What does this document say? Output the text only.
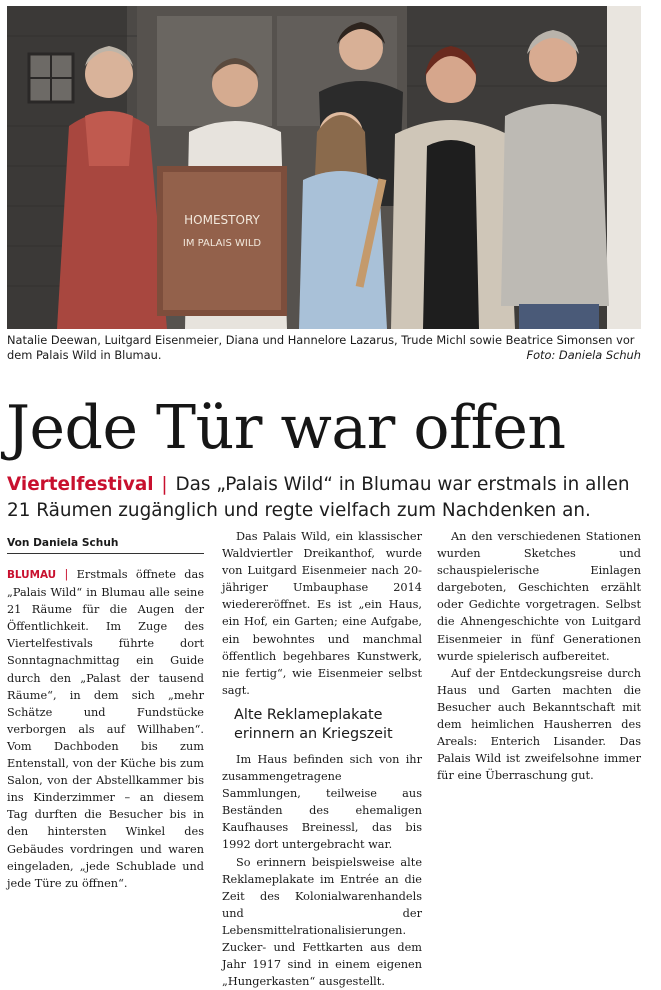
HOMESTORY
IM PALAIS WILD
Natalie Deewan, Luitgard Eisenmeier, Diana und Hannelore Lazarus, Trude Michl sowie Beatrice Simonsen vor dem Palais Wild in Blumau.	Foto: Daniela Schuh
Jede Tür war offen
Viertelfestival | Das „Palais Wild“ in Blumau war erstmals in allen 21 Räumen zugänglich und regte vielfach zum Nachdenken an.
Von Daniela Schuh

BLUMAU | Erstmals öffnete das „Palais Wild“ in Blumau alle seine 21 Räume für die Augen der Öffentlichkeit. Im Zuge des Viertelfestivals führte dort Sonntagnachmittag ein Guide durch den „Palast der tausend Räume“, in dem sich „mehr Schätze und Fundstücke verborgen als auf Willhaben“. Vom Dachboden bis zum Entenstall, von der Küche bis zum Salon, von der Abstellkammer bis ins Kinderzimmer – an diesem Tag durften die Besucher bis in den hintersten Winkel des Gebäudes vordringen und waren eingeladen, „jede Schublade und jede Türe zu öffnen“.

Das Palais Wild, ein klassischer Waldviertler Dreikanthof, wurde von Luitgard Eisenmeier nach 20-jähriger Umbauphase 2014 wiedereröffnet. Es ist „ein Haus, ein Hof, ein Garten; eine Aufgabe, ein bewohntes und manchmal öffentlich begehbares Kunstwerk, nie fertig“, wie Eisenmeier selbst sagt.

Alte Reklameplakate erinnern an Kriegszeit

Im Haus befinden sich von ihr zusammengetragene Sammlungen, teilweise aus Beständen des ehemaligen Kaufhauses Breinessl, das bis 1992 dort untergebracht war.

So erinnern beispielsweise alte Reklameplakate im Entrée an die Zeit des Kolonialwarenhandels und der Lebensmittelrationalisierungen. Zucker- und Fettkarten aus dem Jahr 1917 sind in einem eigenen „Hungerkasten“ ausgestellt.

An den verschiedenen Stationen wurden Sketches und schauspielerische Einlagen dargeboten, Geschichten erzählt oder Gedichte vorgetragen. Selbst die Ahnengeschichte von Luitgard Eisenmeier in fünf Generationen wurde spielerisch aufbereitet.

Auf der Entdeckungsreise durch Haus und Garten machten die Besucher auch Bekanntschaft mit dem heimlichen Hausherren des Areals: Enterich Lisander. Das Palais Wild ist zweifelsohne immer für eine Überraschung gut.
